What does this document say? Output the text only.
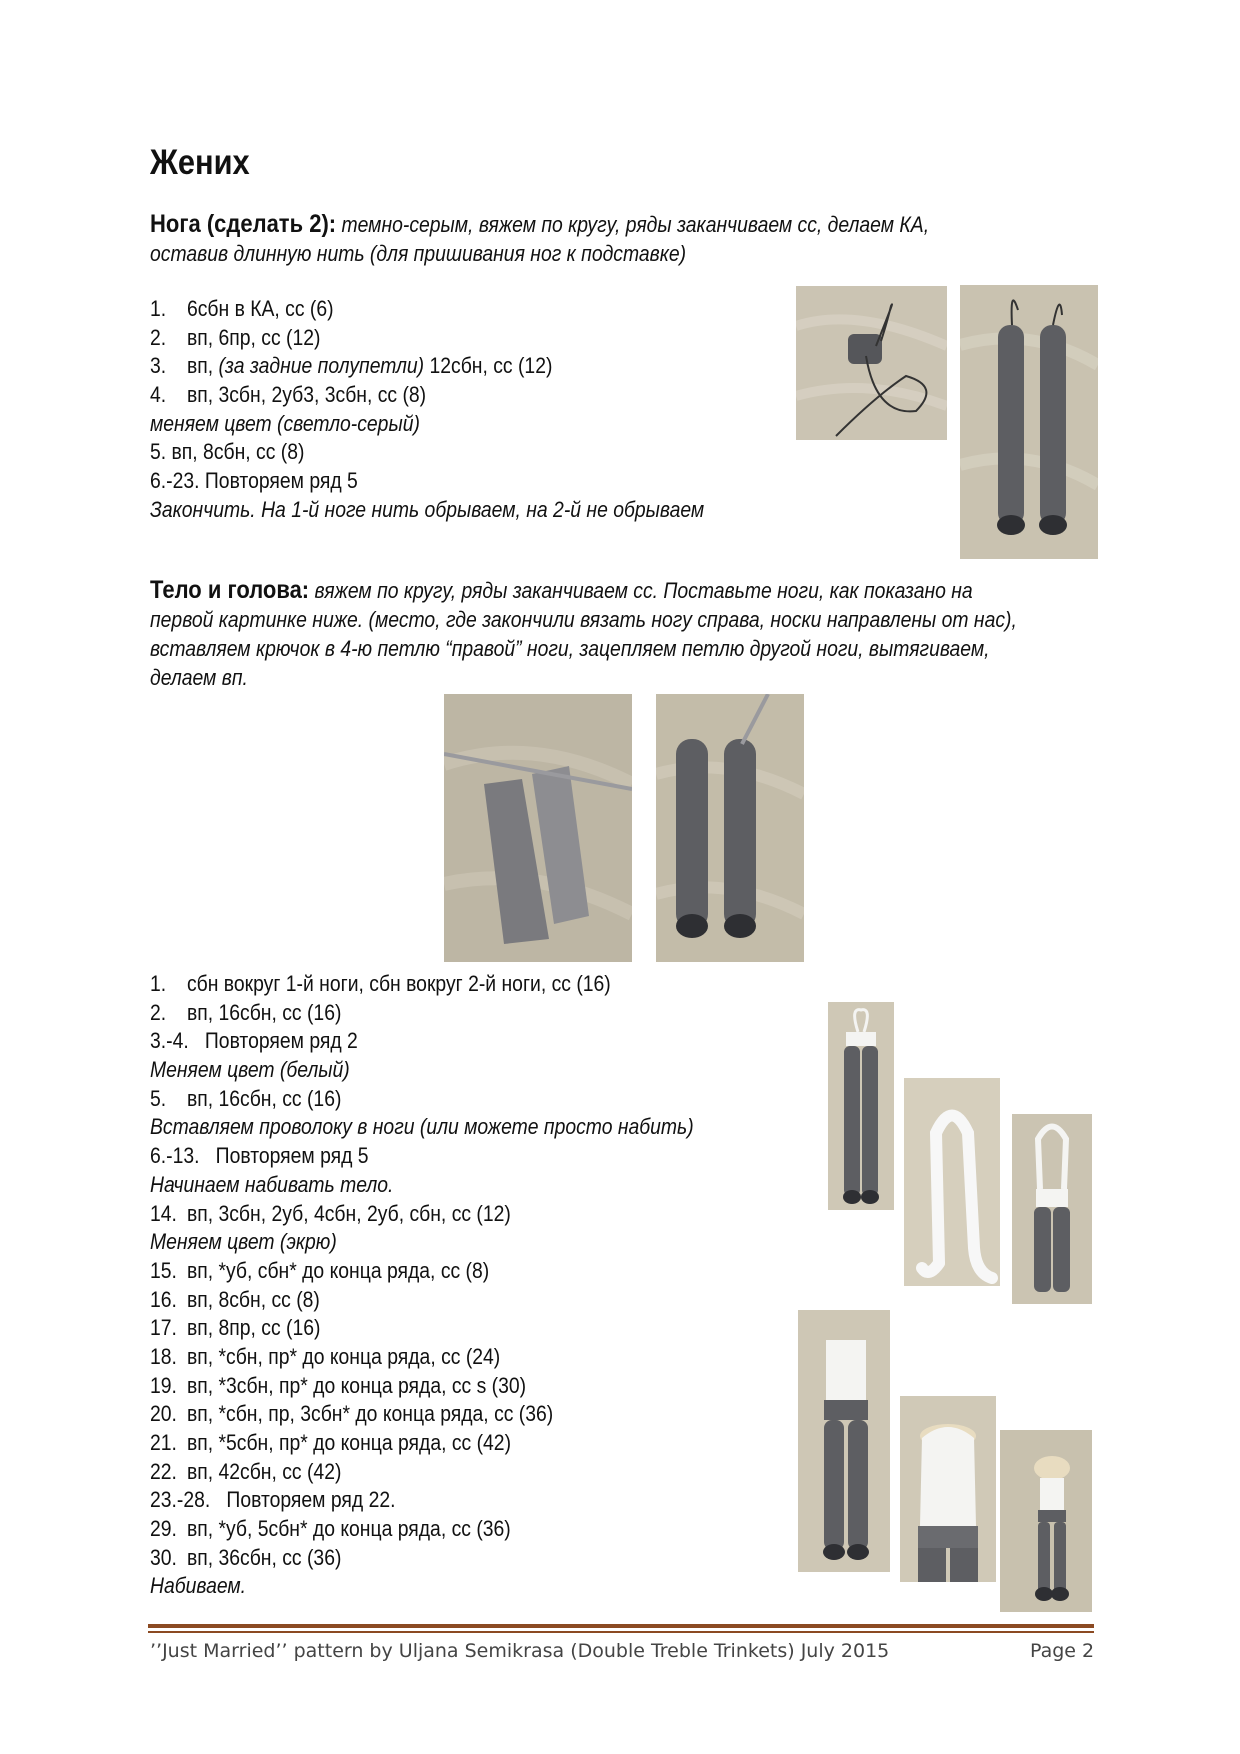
Жених
Нога (сделать 2): темно-серым, вяжем по кругу, ряды заканчиваем сс, делаем КА,
оставив длинную нить (для пришивания ног к подставке)
1. 6сбн в КА, сс (6)
2. вп, 6пр, сс (12)
3. вп, (за задние полупетли) 12сбн, сс (12)
4. вп, 3сбн, 2уб3, 3сбн, сс (8)
меняем цвет (светло-серый)
5. вп, 8сбн, сс (8)
6.-23. Повторяем ряд 5
Закончить. На 1-й ноге нить обрываем, на 2-й не обрываем
Тело и голова: вяжем по кругу, ряды заканчиваем сс. Поставьте ноги, как показано на
первой картинке ниже. (место, где закончили вязать ногу справа, носки направлены от нас),
вставляем крючок в 4-ю петлю “правой” ноги, зацепляем петлю другой ноги, вытягиваем,
делаем вп.
1. сбн вокруг 1-й ноги, сбн вокруг 2-й ноги, сс (16)
2. вп, 16сбн, сс (16)
3.-4. Повторяем ряд 2
Меняем цвет (белый)
5. вп, 16сбн, сс (16)
Вставляем проволоку в ноги (или можете просто набить)
6.-13. Повторяем ряд 5
Начинаем набивать тело.
14. вп, 3сбн, 2уб, 4сбн, 2уб, сбн, сс (12)
Меняем цвет (экрю)
15. вп, *уб, сбн* до конца ряда, сс (8)
16. вп, 8сбн, сс (8)
17. вп, 8пр, сс (16)
18. вп, *сбн, пр* до конца ряда, сс (24)
19. вп, *3сбн, пр* до конца ряда, сс s (30)
20. вп, *сбн, пр, 3сбн* до конца ряда, сс (36)
21. вп, *5сбн, пр* до конца ряда, сс (42)
22. вп, 42сбн, сс (42)
23.-28. Повторяем ряд 22.
29. вп, *уб, 5сбн* до конца ряда, сс (36)
30. вп, 36сбн, сс (36)
Набиваем.
’’Just Married’’ pattern by Uljana Semikrasa (Double Treble Trinkets) July 2015	Page 2
